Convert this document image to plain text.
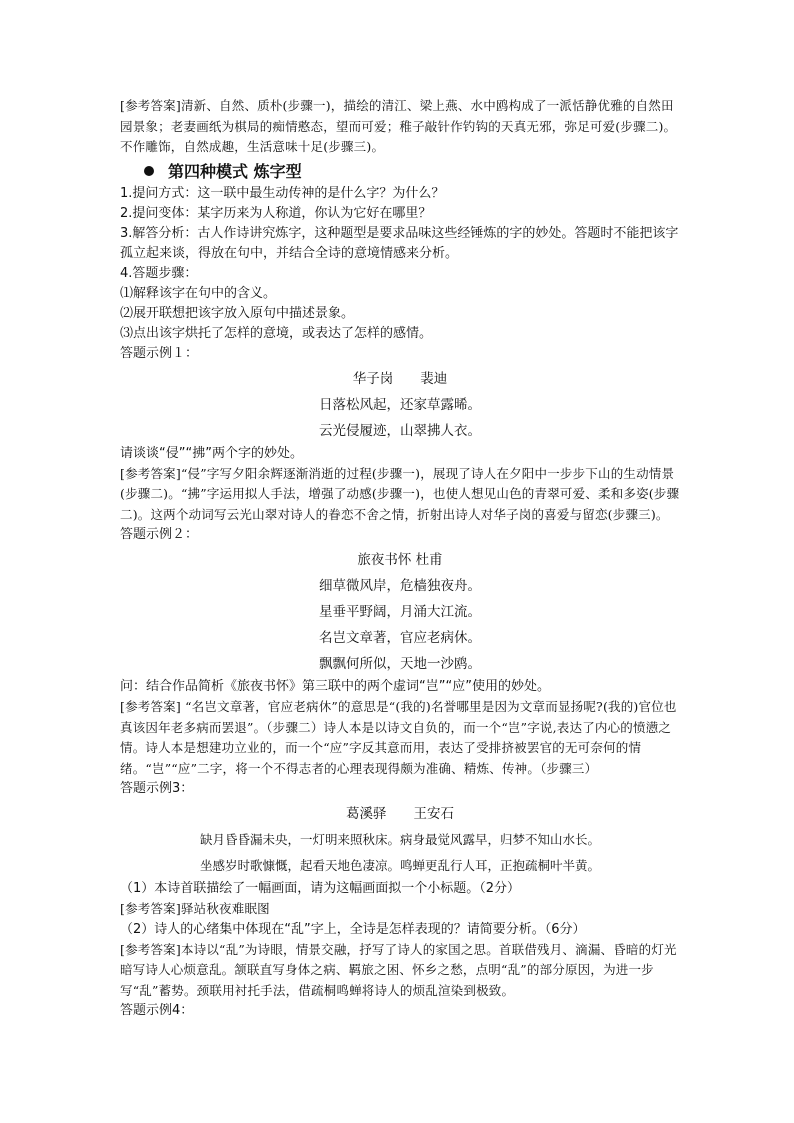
[参考答案]清新、自然、质朴(步骤一)，描绘的清江、梁上燕、水中鸥构成了一派恬静优雅的自然田园景象；老妻画纸为棋局的痴情憨态，望而可爱；稚子敲针作钓钩的天真无邪，弥足可爱(步骤二)。不作雕饰，自然成趣，生活意味十足(步骤三)。

第四种模式 炼字型

1.提问方式：这一联中最生动传神的是什么字？为什么？

2.提问变体：某字历来为人称道，你认为它好在哪里？

3.解答分析：古人作诗讲究炼字，这种题型是要求品味这些经锤炼的字的妙处。答题时不能把该字孤立起来谈，得放在句中，并结合全诗的意境情感来分析。

4.答题步骤：

⑴解释该字在句中的含义。

⑵展开联想把该字放入原句中描述景象。

⑶点出该字烘托了怎样的意境，或表达了怎样的感情。

答题示例１：

华子岗　　裴迪

日落松风起，还家草露晞。

云光侵履迹，山翠拂人衣。

请谈谈“侵”“拂”两个字的妙处。

[参考答案]“侵”字写夕阳余辉逐渐消逝的过程(步骤一)，展现了诗人在夕阳中一步步下山的生动情景(步骤二)。“拂”字运用拟人手法，增强了动感(步骤一)，也使人想见山色的青翠可爱、柔和多姿(步骤二)。这两个动词写云光山翠对诗人的眷恋不舍之情，折射出诗人对华子岗的喜爱与留恋(步骤三)。

答题示例２：

旅夜书怀 杜甫

细草微风岸，危樯独夜舟。

星垂平野阔，月涌大江流。

名岂文章著，官应老病休。

飘飘何所似，天地一沙鸥。

问：结合作品简析《旅夜书怀》第三联中的两个虚词“岂”“应”使用的妙处。

[参考答案] “名岂文章著，官应老病休”的意思是“(我的)名誉哪里是因为文章而显扬呢?(我的)官位也真该因年老多病而罢退”。（步骤二）诗人本是以诗文自负的，而一个“岂”字说,表达了内心的愤懑之情。诗人本是想建功立业的，而一个“应”字反其意而用，表达了受排挤被罢官的无可奈何的情绪。“岂”“应”二字，将一个不得志者的心理表现得颇为准确、精炼、传神。（步骤三）

答题示例3：

葛溪驿　　王安石

缺月昏昏漏未央，一灯明来照秋床。病身最觉风露早，归梦不知山水长。

坐感岁时歌慷慨，起看天地色凄凉。鸣蝉更乱行人耳，正抱疏桐叶半黄。

（1）本诗首联描绘了一幅画面，请为这幅画面拟一个小标题。（2分）

[参考答案]驿站秋夜难眠图

（2）诗人的心绪集中体现在“乱”字上，全诗是怎样表现的？请简要分析。（6分）

[参考答案]本诗以“乱”为诗眼，情景交融，抒写了诗人的家国之思。首联借残月、滴漏、昏暗的灯光暗写诗人心烦意乱。颔联直写身体之病、羁旅之困、怀乡之愁，点明“乱”的部分原因，为进一步写“乱”蓄势。颈联用衬托手法，借疏桐鸣蝉将诗人的烦乱渲染到极致。

答题示例4：
